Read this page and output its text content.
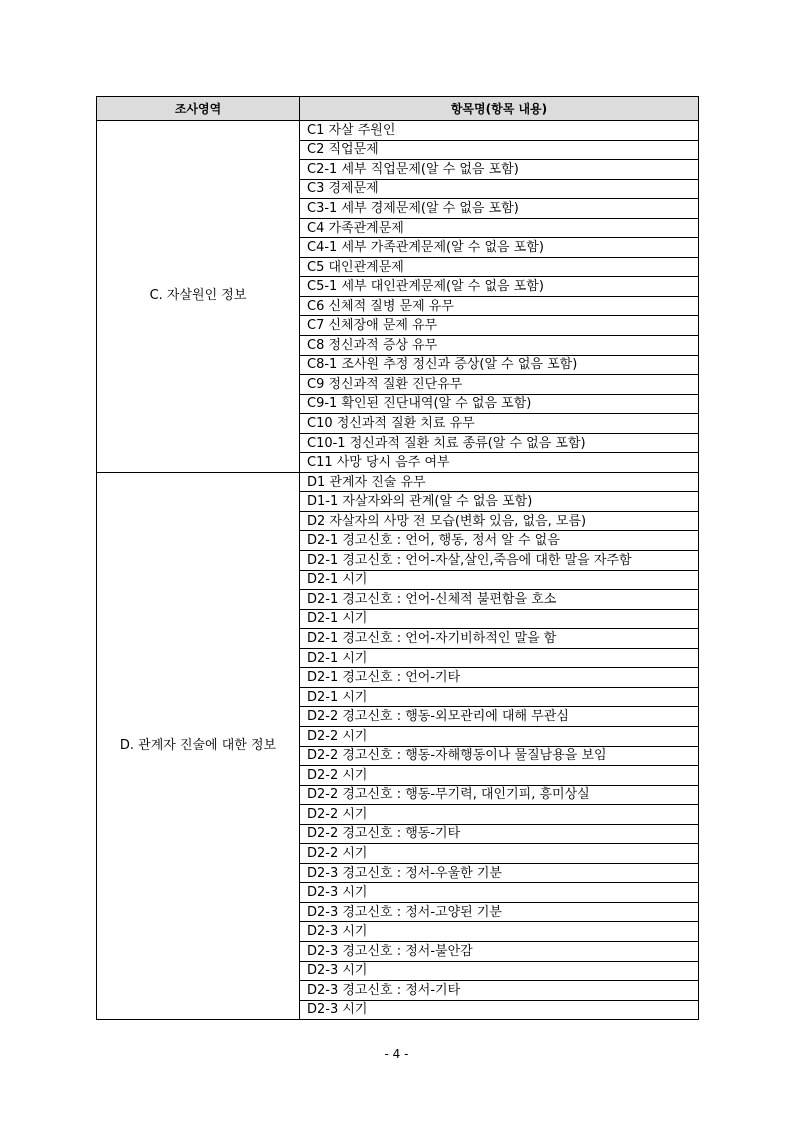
조사영역	항목명(항목 내용)
C. 자살원인 정보	C1 자살 주원인
	C2 직업문제
	C2-1 세부 직업문제(알 수 없음 포함)
	C3 경제문제
	C3-1 세부 경제문제(알 수 없음 포함)
	C4 가족관계문제
	C4-1 세부 가족관계문제(알 수 없음 포함)
	C5 대인관계문제
	C5-1 세부 대인관계문제(알 수 없음 포함)
	C6 신체적 질병 문제 유무
	C7 신체장애 문제 유무
	C8 정신과적 증상 유무
	C8-1 조사원 추정 정신과 증상(알 수 없음 포함)
	C9 정신과적 질환 진단유무
	C9-1 확인된 진단내역(알 수 없음 포함)
	C10 정신과적 질환 치료 유무
	C10-1 정신과적 질환 치료 종류(알 수 없음 포함)
	C11 사망 당시 음주 여부
D. 관계자 진술에 대한 정보	D1 관계자 진술 유무
	D1-1 자살자와의 관계(알 수 없음 포함)
	D2 자살자의 사망 전 모습(변화 있음, 없음, 모름)
	D2-1 경고신호 : 언어, 행동, 정서 알 수 없음
	D2-1 경고신호 : 언어-자살,살인,죽음에 대한 말을 자주함
	D2-1 시기
	D2-1 경고신호 : 언어-신체적 불편함을 호소
	D2-1 시기
	D2-1 경고신호 : 언어-자기비하적인 말을 함
	D2-1 시기
	D2-1 경고신호 : 언어-기타
	D2-1 시기
	D2-2 경고신호 : 행동-외모관리에 대해 무관심
	D2-2 시기
	D2-2 경고신호 : 행동-자해행동이나 물질남용을 보임
	D2-2 시기
	D2-2 경고신호 : 행동-무기력, 대인기피, 흥미상실
	D2-2 시기
	D2-2 경고신호 : 행동-기타
	D2-2 시기
	D2-3 경고신호 : 정서-우울한 기분
	D2-3 시기
	D2-3 경고신호 : 정서-고양된 기분
	D2-3 시기
	D2-3 경고신호 : 정서-불안감
	D2-3 시기
	D2-3 경고신호 : 정서-기타
	D2-3 시기
- 4 -
